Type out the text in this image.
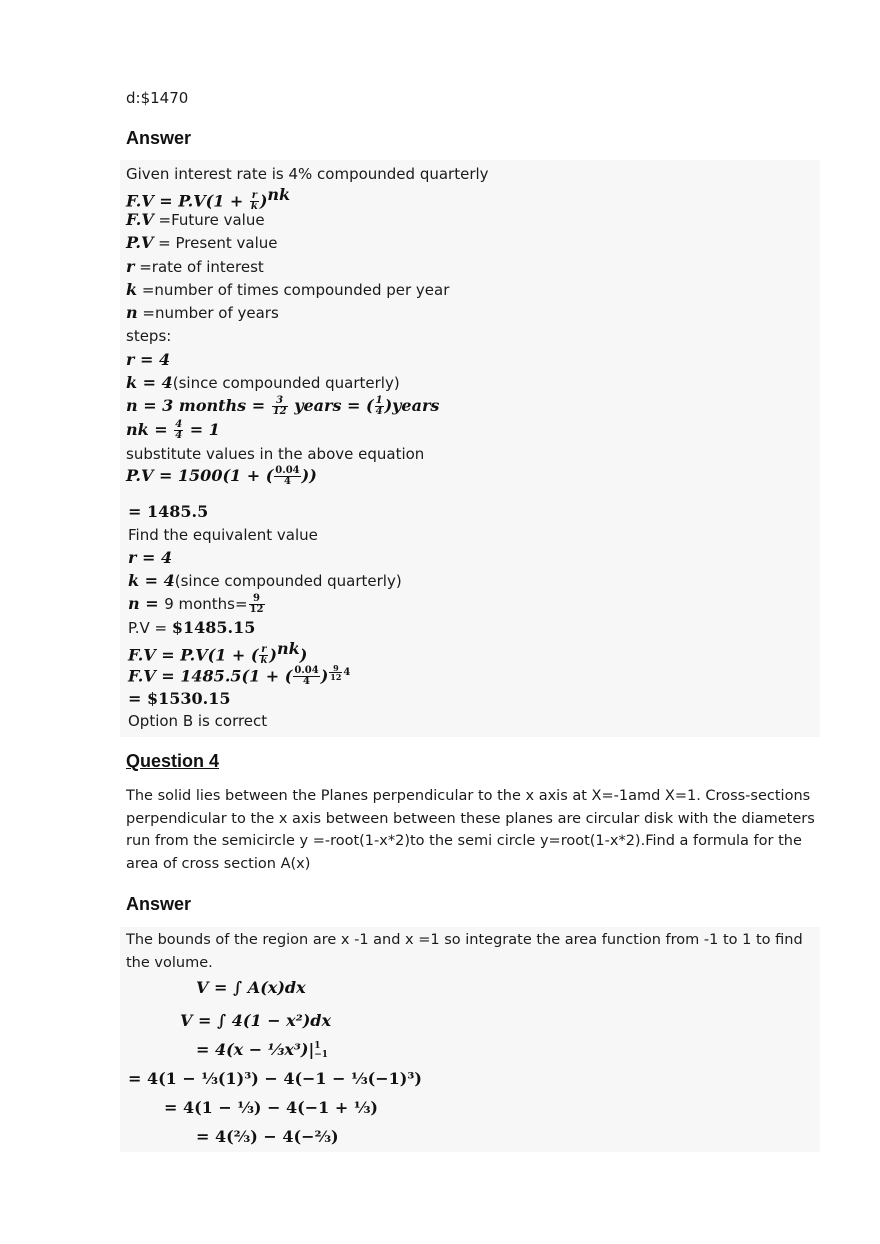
d:$1470
Answer
Given interest rate is 4% compounded quarterly
$F.V = P.V(1 + \frac{r}{k} )^{nk}$
F.V =Future value
P.V = Present value
r =rate of interest
k =number of times compounded per year
n =number of years
steps:
r = 4
k = 4(since compounded quarterly)
n = 3 months = $\frac{3}{12}$ years = ( $\frac{1}{4}$ )years
nk = $\frac{4}{4} = 1$
substitute values in the above equation
P.V = 1500(1 + ( $\frac{0.04}{4}$ ))
= 1485.5
Find the equivalent value
r = 4
k = 4(since compounded quarterly)
n = 9 months= $\frac{9}{12}$
P.V = $1485.15
F.V = P.V(1 + ( $\frac{r}{k} )^{nk}$)
F.V = 1485.5(1 + ( $\frac{0.04}{4}$ ) $^{\frac{9}{12} 4}$
= $1530.15
Option B is correct
Question 4
The solid lies between the Planes perpendicular to the x axis at X=-1amd X=1. Cross-sections perpendicular to the x axis between between these planes are circular disk with the diameters run from the semicircle y =-root(1-x*2)to the semi circle y=root(1-x*2).Find a formula for the area of cross section A(x)
Answer
The bounds of the region are x -1 and x =1 so integrate the area function from -1 to 1 to find the volume.
V = ∫ A(x)dx
V = ∫ 4(1 − x²)dx
= 4(x − ⅓x³)| 1
−1
= 4(1 − ⅓(1)³) − 4(−1 − ⅓(−1)³)
= 4(1 − ⅓) − 4(−1 + ⅓)
= 4(⅔) − 4(−⅔)
